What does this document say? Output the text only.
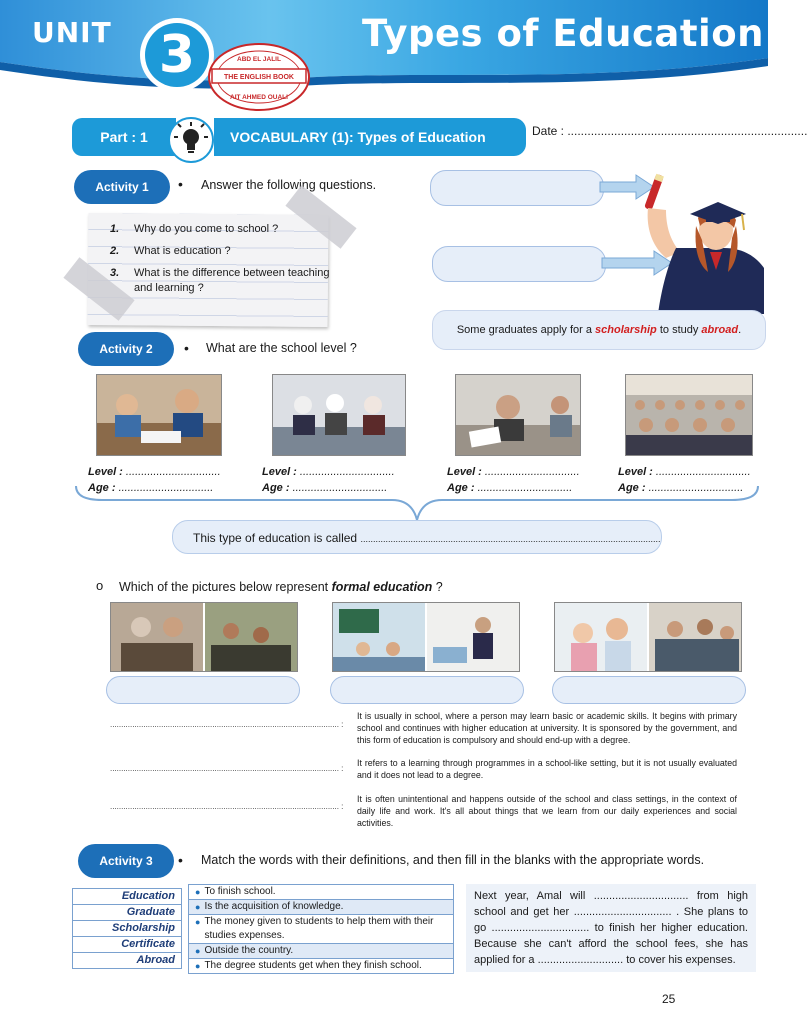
UNIT 3	Types of Education
ABD EL JALIL
THE ENGLISH BOOK
AIT AHMED OUALI
Part : 1	VOCABULARY (1): Types of Education	Date : ........................................................................
Activity 1	• Answer the following questions.
1.	Why do you come to school ?
2.	What is education ?
3.	What is the difference between teaching and learning ?
Some graduates apply for a scholarship to study abroad.
Activity 2	• What are the school level ?
Level : ...............................
Age : ...............................
Level : ...............................
Age : ...............................
Level : ...............................
Age : ...............................
Level : ...............................
Age : ...............................
This type of education is called ........................................................................................................................
o Which of the pictures below represent formal education ?
....................................................................................................... :
....................................................................................................... :
....................................................................................................... :
It is usually in school, where a person may learn basic or academic skills. It begins with primary school and continues with higher education at university. It is sponsored by the government, and this form of education is compulsory and should end-up with a degree.
It refers to a learning through programmes in a school-like setting, but it is not usually evaluated and it does not lead to a degree.
It is often unintentional and happens outside of the school and class settings, in the context of daily life and work. It's all about things that we learn from our daily experiences and social activities.
Activity 3	• Match the words with their definitions, and then fill in the blanks with the appropriate words.
Education
Graduate
Scholarship
Certificate
Abroad
● To finish school.
● Is the acquisition of knowledge.
● The money given to students to help them with their studies expenses.
● Outside the country.
● The degree students get when they finish school.
Next year, Amal will ............................... from high school and get her ................................ . She plans to go ................................ to finish her higher education. Because she can't afford the school fees, she has applied for a ............................ to cover his expenses.
25
